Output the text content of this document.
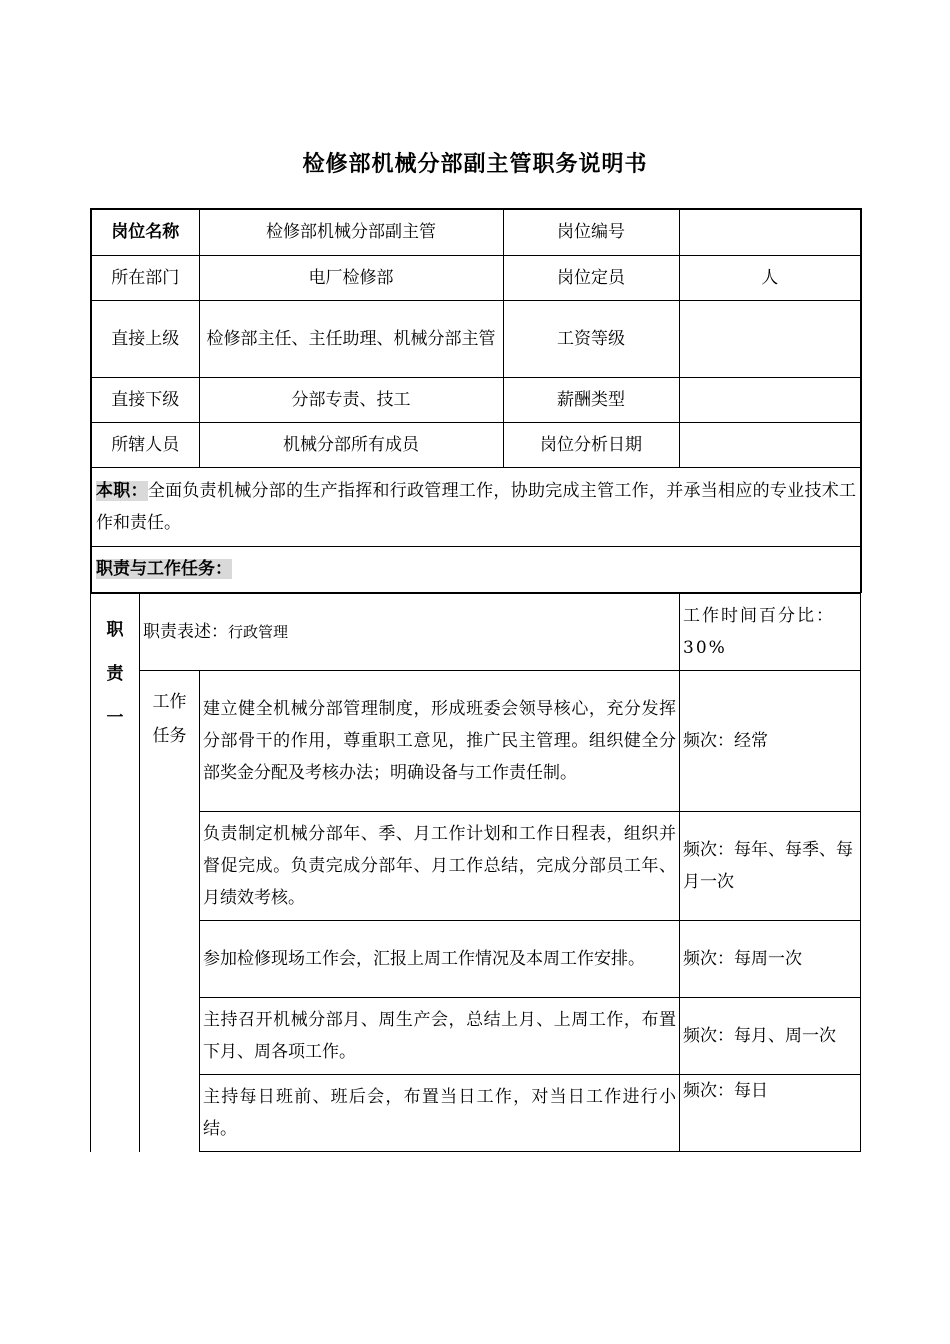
检修部机械分部副主管职务说明书
岗位名称	检修部机械分部副主管	岗位编号	
所在部门	电厂检修部	岗位定员	人
直接上级	检修部主任、主任助理、机械分部主管	工资等级	
直接下级	分部专责、技工	薪酬类型	
所辖人员	机械分部所有成员	岗位分析日期	
本职：全面负责机械分部的生产指挥和行政管理工作，协助完成主管工作，并承当相应的专业技术工作和责任。			
职责与工作任务：			
职
责
一	职责表述：行政管理		工作时间百分比：30%

	工作任务	建立健全机械分部管理制度，形成班委会领导核心，充分发挥分部骨干的作用，尊重职工意见，推广民主管理。组织健全分部奖金分配及考核办法；明确设备与工作责任制。	频次：经常
		负责制定机械分部年、季、月工作计划和工作日程表，组织并督促完成。负责完成分部年、月工作总结，完成分部员工年、月绩效考核。	频次：每年、每季、每月一次
		参加检修现场工作会，汇报上周工作情况及本周工作安排。	频次：每周一次
		主持召开机械分部月、周生产会，总结上月、上周工作，布置下月、周各项工作。	频次：每月、周一次
		主持每日班前、班后会，布置当日工作，对当日工作进行小结。	频次：每日
